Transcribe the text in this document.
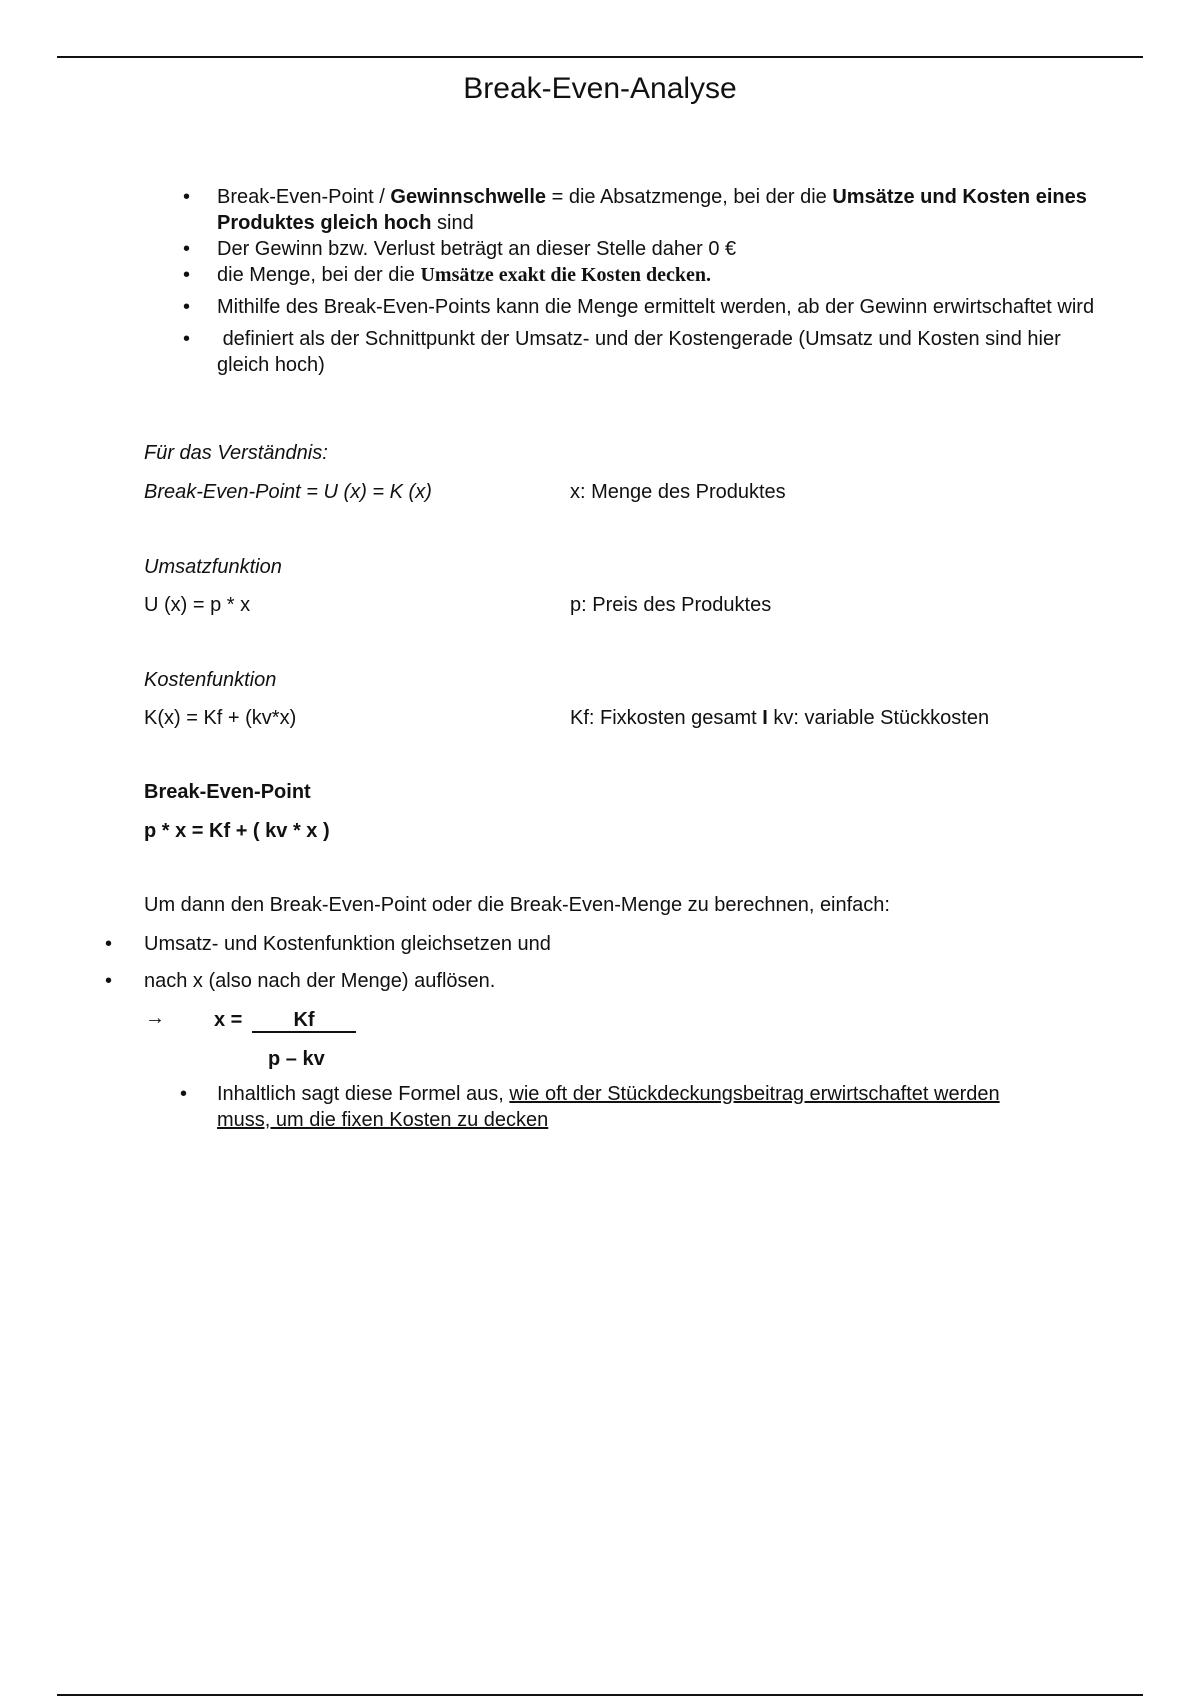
Break-Even-Analyse
• Break-Even-Point / Gewinnschwelle = die Absatzmenge, bei der die Umsätze und Kosten eines Produktes gleich hoch sind
• Der Gewinn bzw. Verlust beträgt an dieser Stelle daher 0 €
• die Menge, bei der die Umsätze exakt die Kosten decken.
• Mithilfe des Break-Even-Points kann die Menge ermittelt werden, ab der Gewinn erwirtschaftet wird
•  definiert als der Schnittpunkt der Umsatz- und der Kostengerade (Umsatz und Kosten sind hier gleich hoch)
Für das Verständnis:
Break-Even-Point = U (x) = K (x)	x: Menge des Produktes
Umsatzfunktion
U (x) = p * x	p: Preis des Produktes
Kostenfunktion
K(x) = Kf + (kv*x)	Kf: Fixkosten gesamt I kv: variable Stückkosten
Break-Even-Point
p * x = Kf + ( kv * x )
Um dann den Break-Even-Point oder die Break-Even-Menge zu berechnen, einfach:
• Umsatz- und Kostenfunktion gleichsetzen und
• nach x (also nach der Menge) auflösen.
→ x =	Kf
p – kv
• Inhaltlich sagt diese Formel aus, wie oft der Stückdeckungsbeitrag erwirtschaftet werden muss, um die fixen Kosten zu decken
